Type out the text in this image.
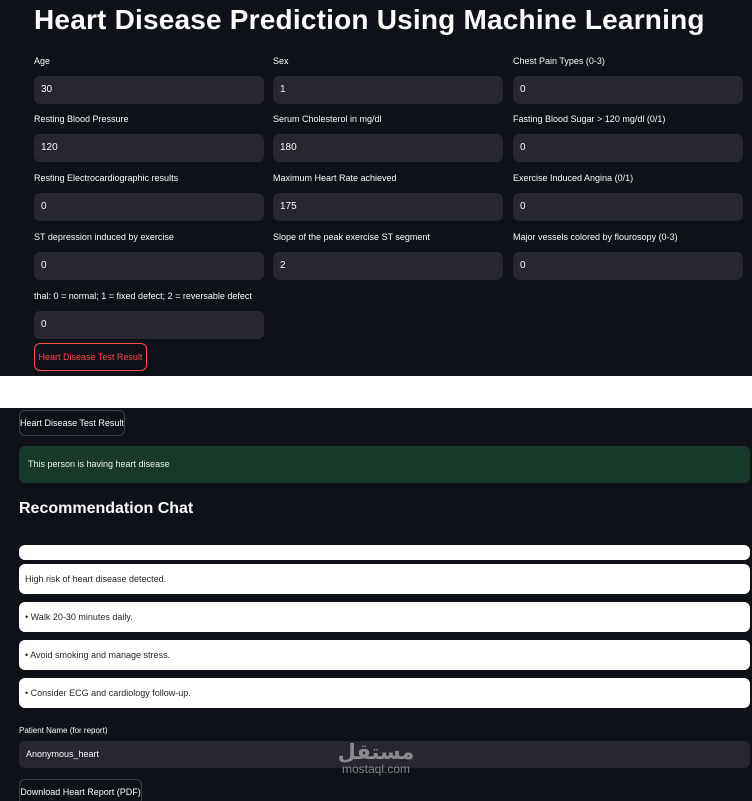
Heart Disease Prediction Using Machine Learning
Age
30
Sex
1
Chest Pain Types (0-3)
0
Resting Blood Pressure
120
Serum Cholesterol in mg/dl
180
Fasting Blood Sugar > 120 mg/dl (0/1)
0
Resting Electrocardiographic results
0
Maximum Heart Rate achieved
175
Exercise Induced Angina (0/1)
0
ST depression induced by exercise
0
Slope of the peak exercise ST segment
2
Major vessels colored by flourosopy (0-3)
0
thal: 0 = normal; 1 = fixed defect; 2 = reversable defect
0
Heart Disease Test Result
Heart Disease Test Result
This person is having heart disease
Recommendation Chat
High risk of heart disease detected.
• Walk 20-30 minutes daily.
• Avoid smoking and manage stress.
• Consider ECG and cardiology follow-up.
Patient Name (for report)
Anonymous_heart
Download Heart Report (PDF)
مستقل
mostaql.com
